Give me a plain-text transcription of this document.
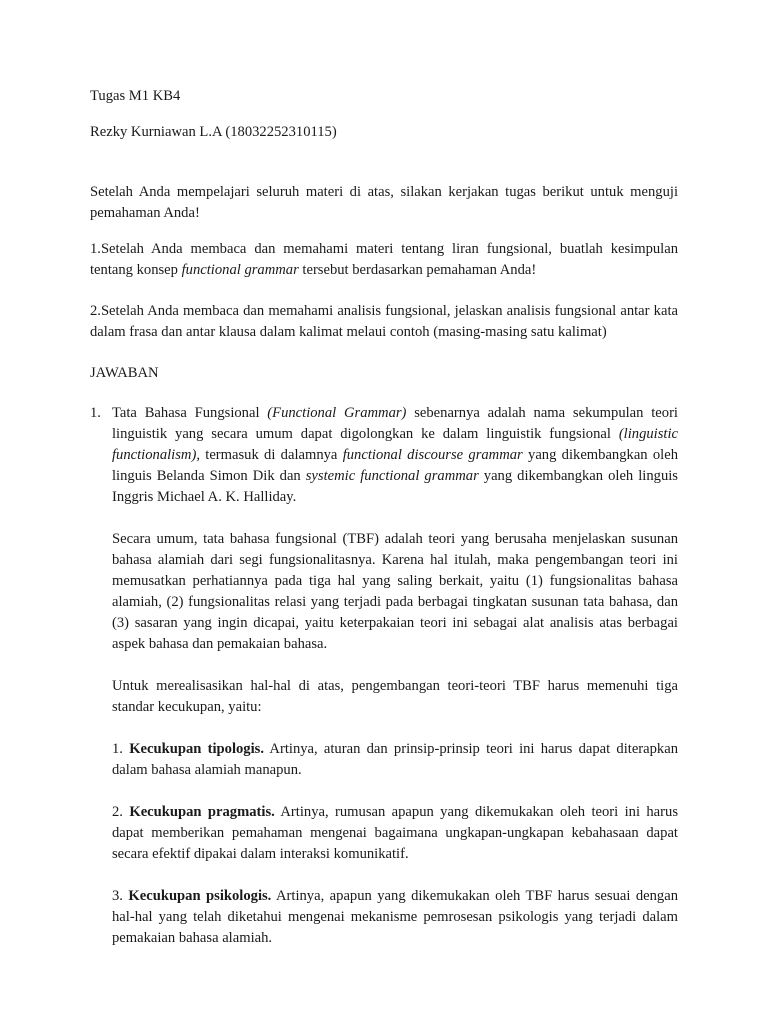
Tugas M1 KB4

Rezky Kurniawan L.A (18032252310115)

Setelah Anda mempelajari seluruh materi di atas, silakan kerjakan tugas berikut untuk menguji pemahaman Anda!

1.Setelah Anda membaca dan memahami materi tentang liran fungsional, buatlah kesimpulan tentang konsep functional grammar tersebut berdasarkan pemahaman Anda!

2.Setelah Anda membaca dan memahami analisis fungsional, jelaskan analisis fungsional antar kata dalam frasa dan antar klausa dalam kalimat melaui contoh (masing-masing satu kalimat)

JAWABAN

1. Tata Bahasa Fungsional (Functional Grammar) sebenarnya adalah nama sekumpulan teori linguistik yang secara umum dapat digolongkan ke dalam linguistik fungsional (linguistic functionalism), termasuk di dalamnya functional discourse grammar yang dikembangkan oleh linguis Belanda Simon Dik dan systemic functional grammar yang dikembangkan oleh linguis Inggris Michael A. K. Halliday.

Secara umum, tata bahasa fungsional (TBF) adalah teori yang berusaha menjelaskan susunan bahasa alamiah dari segi fungsionalitasnya. Karena hal itulah, maka pengembangan teori ini memusatkan perhatiannya pada tiga hal yang saling berkait, yaitu (1) fungsionalitas bahasa alamiah, (2) fungsionalitas relasi yang terjadi pada berbagai tingkatan susunan tata bahasa, dan (3) sasaran yang ingin dicapai, yaitu keterpakaian teori ini sebagai alat analisis atas berbagai aspek bahasa dan pemakaian bahasa.

Untuk merealisasikan hal-hal di atas, pengembangan teori-teori TBF harus memenuhi tiga standar kecukupan, yaitu:

1. Kecukupan tipologis. Artinya, aturan dan prinsip-prinsip teori ini harus dapat diterapkan dalam bahasa alamiah manapun.

2. Kecukupan pragmatis. Artinya, rumusan apapun yang dikemukakan oleh teori ini harus dapat memberikan pemahaman mengenai bagaimana ungkapan-ungkapan kebahasaan dapat secara efektif dipakai dalam interaksi komunikatif.

3. Kecukupan psikologis. Artinya, apapun yang dikemukakan oleh TBF harus sesuai dengan hal-hal yang telah diketahui mengenai mekanisme pemrosesan psikologis yang terjadi dalam pemakaian bahasa alamiah.
